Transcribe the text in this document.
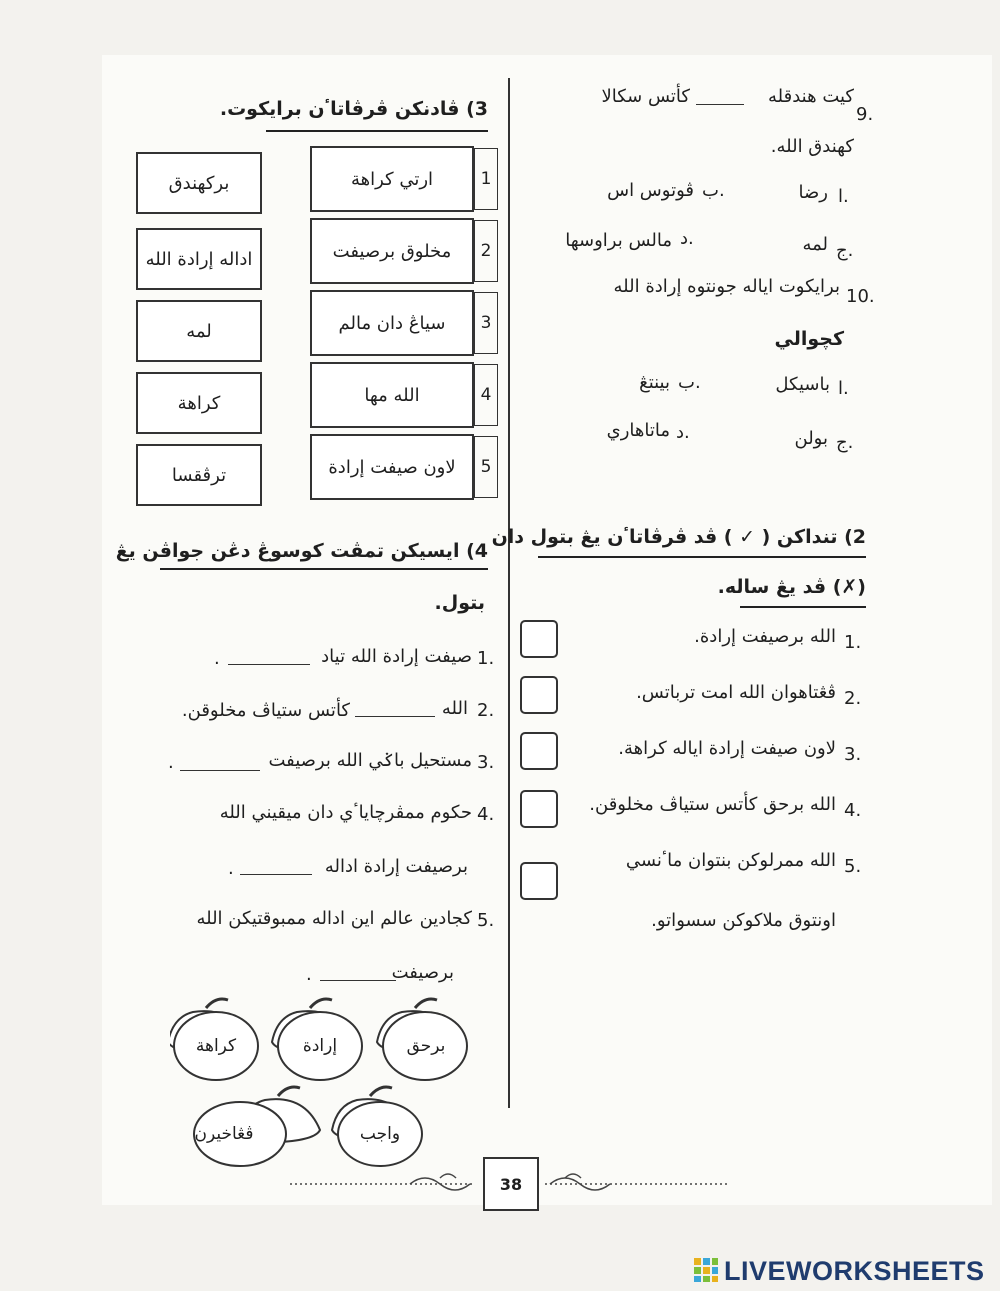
3) ڤادنکن ڤرڤاتاٴن برايکوت.
1
ارتي کراهة
2
مخلوق برصيفت
3
سياڠ دان مالم
4
الله مها
5
لاون صيفت إرادة
برکهندق
اداله إرادة الله
لمه
کراهة
ترڤقسا
4) ايسيکن تمڤت کوسوڠ دڠن جواڤن يڠ
بتول.
1.
صيفت إرادة الله تياد
.
2.
الله
کأتس ستياڤ مخلوقن.
3.
مستحيل باݢي الله برصيفت
.
4.
حکوم ممڤرچاياٴي دان ميقيني الله
برصيفت إرادة اداله
.
5.
کجادين عالم اين اداله ممبوقتيکن الله
برصيفت
.
برحق
إرادة
کراهة
واجب
ڤڠاخيرن
9.
کيت هندقله
کأتس سکالا
کهندق الله.
ا.
رضا
ب.
ڤوتوس اس
ج.
لمه
د.
مالس براوسها
10.
برايکوت اياله جونتوه إرادة الله
کچوالي
ا.
باسيکل
ب.
بينتڠ
ج.
بولن
د.
ماتاهاري
2) تنداکن ( ✓ ) ڤد ڤرڤاتاٴن يڠ بتول دان
(✗) ڤد يڠ ساله.
1.
الله برصيفت إرادة.
2.
ڤڠتاهوان الله امت ترباتس.
3.
لاون صيفت إرادة اياله کراهة.
4.
الله برحق کأتس ستياڤ مخلوقن.
5.
الله ممرلوکن بنتوان ماٴنسي
اونتوق ملاکوکن سسواتو.
38
LIVEWORKSHEETS
